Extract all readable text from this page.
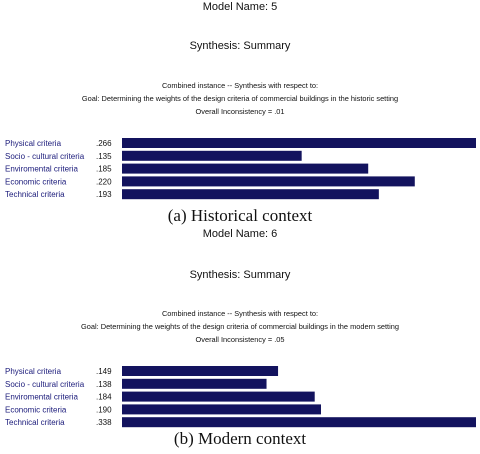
Model Name: 5
Synthesis: Summary
Combined instance -- Synthesis with respect to:
Goal: Determining the weights of the design criteria of commercial buildings in the historic setting
Overall Inconsistency = .01
Physical criteria	.266
Socio - cultural criteria .135
Enviromental criteria .185
Economic criteria	.220
Technical criteria	.193
(a) Historical context
Model Name: 6
Synthesis: Summary
Combined instance -- Synthesis with respect to:
Goal: Determining the weights of the design criteria of commercial buildings in the modern setting
Overall Inconsistency = .05
Physical criteria	.149
Socio - cultural criteria .138
Enviromental criteria .184
Economic criteria	.190
Technical criteria	.338
(b) Modern context
